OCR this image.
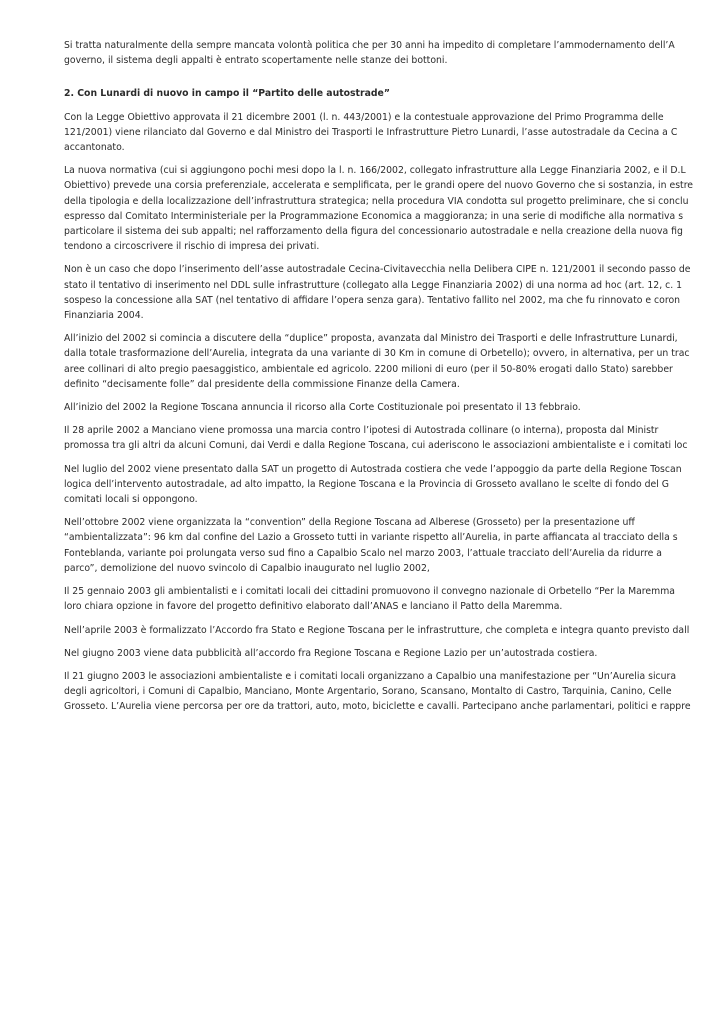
Si tratta naturalmente della sempre mancata volontà politica che per 30 anni ha impedito di completare l’ammodernamento dell’A
governo, il sistema degli appalti è entrato scopertamente nelle stanze dei bottoni.
2. Con Lunardi di nuovo in campo il “Partito delle autostrade”
Con la Legge Obiettivo approvata il 21 dicembre 2001 (l. n. 443/2001) e la contestuale approvazione del Primo Programma delle
121/2001) viene rilanciato dal Governo e dal Ministro dei Trasporti le Infrastrutture Pietro Lunardi, l’asse autostradale da Cecina a C
accantonato.
La nuova normativa (cui si aggiungono pochi mesi dopo la l. n. 166/2002, collegato infrastrutture alla Legge Finanziaria 2002, e il D.L
Obiettivo) prevede una corsia preferenziale, accelerata e semplificata, per le grandi opere del nuovo Governo che si sostanzia, in estre
della tipologia e della localizzazione dell’infrastruttura strategica; nella procedura VIA condotta sul progetto preliminare, che si conclu
espresso dal Comitato Interministeriale per la Programmazione Economica a maggioranza; in una serie di modifiche alla normativa s
particolare il sistema dei sub appalti; nel rafforzamento della figura del concessionario autostradale e nella creazione della nuova fig
tendono a circoscrivere il rischio di impresa dei privati.
Non è un caso che dopo l’inserimento dell’asse autostradale Cecina-Civitavecchia nella Delibera CIPE n. 121/2001 il secondo passo de
stato il tentativo di inserimento nel DDL sulle infrastrutture (collegato alla Legge Finanziaria 2002) di una norma ad hoc (art. 12, c. 1
sospeso la concessione alla SAT (nel tentativo di affidare l’opera senza gara). Tentativo fallito nel 2002, ma che fu rinnovato e coron
Finanziaria 2004.
All’inizio del 2002 si comincia a discutere della “duplice” proposta, avanzata dal Ministro dei Trasporti e delle Infrastrutture Lunardi,
dalla totale trasformazione dell’Aurelia, integrata da una variante di 30 Km in comune di Orbetello); ovvero, in alternativa, per un trac
aree collinari di alto pregio paesaggistico, ambientale ed agricolo. 2200 milioni di euro (per il 50-80% erogati dallo Stato) sarebber
definito “decisamente folle” dal presidente della commissione Finanze della Camera.
All’inizio del 2002 la Regione Toscana annuncia il ricorso alla Corte Costituzionale poi presentato il 13 febbraio.
Il 28 aprile 2002 a Manciano viene promossa una marcia contro l’ipotesi di Autostrada collinare (o interna), proposta dal Ministr
promossa tra gli altri da alcuni Comuni, dai Verdi e dalla Regione Toscana, cui aderiscono le associazioni ambientaliste e i comitati loc
Nel luglio del 2002 viene presentato dalla SAT un progetto di Autostrada costiera che vede l’appoggio da parte della Regione Toscan
logica dell’intervento autostradale, ad alto impatto, la Regione Toscana e la Provincia di Grosseto avallano le scelte di fondo del G
comitati locali si oppongono.
Nell’ottobre 2002 viene organizzata la “convention” della Regione Toscana ad Alberese (Grosseto) per la presentazione uff
“ambientalizzata”: 96 km dal confine del Lazio a Grosseto tutti in variante rispetto all’Aurelia, in parte affiancata al tracciato della s
Fonteblanda, variante poi prolungata verso sud fino a Capalbio Scalo nel marzo 2003, l’attuale tracciato dell’Aurelia da ridurre a
parco”, demolizione del nuovo svincolo di Capalbio inaugurato nel luglio 2002,
Il 25 gennaio 2003 gli ambientalisti e i comitati locali dei cittadini promuovono il convegno nazionale di Orbetello “Per la Maremma
loro chiara opzione in favore del progetto definitivo elaborato dall’ANAS e lanciano il Patto della Maremma.
Nell’aprile 2003 è formalizzato l’Accordo fra Stato e Regione Toscana per le infrastrutture, che completa e integra quanto previsto dall
Nel giugno 2003 viene data pubblicità all’accordo fra Regione Toscana e Regione Lazio per un’autostrada costiera.
Il 21 giugno 2003 le associazioni ambientaliste e i comitati locali organizzano a Capalbio una manifestazione per “Un’Aurelia sicura
degli agricoltori, i Comuni di Capalbio, Manciano, Monte Argentario, Sorano, Scansano, Montalto di Castro, Tarquinia, Canino, Celle
Grosseto. L’Aurelia viene percorsa per ore da trattori, auto, moto, biciclette e cavalli. Partecipano anche parlamentari, politici e rappre
